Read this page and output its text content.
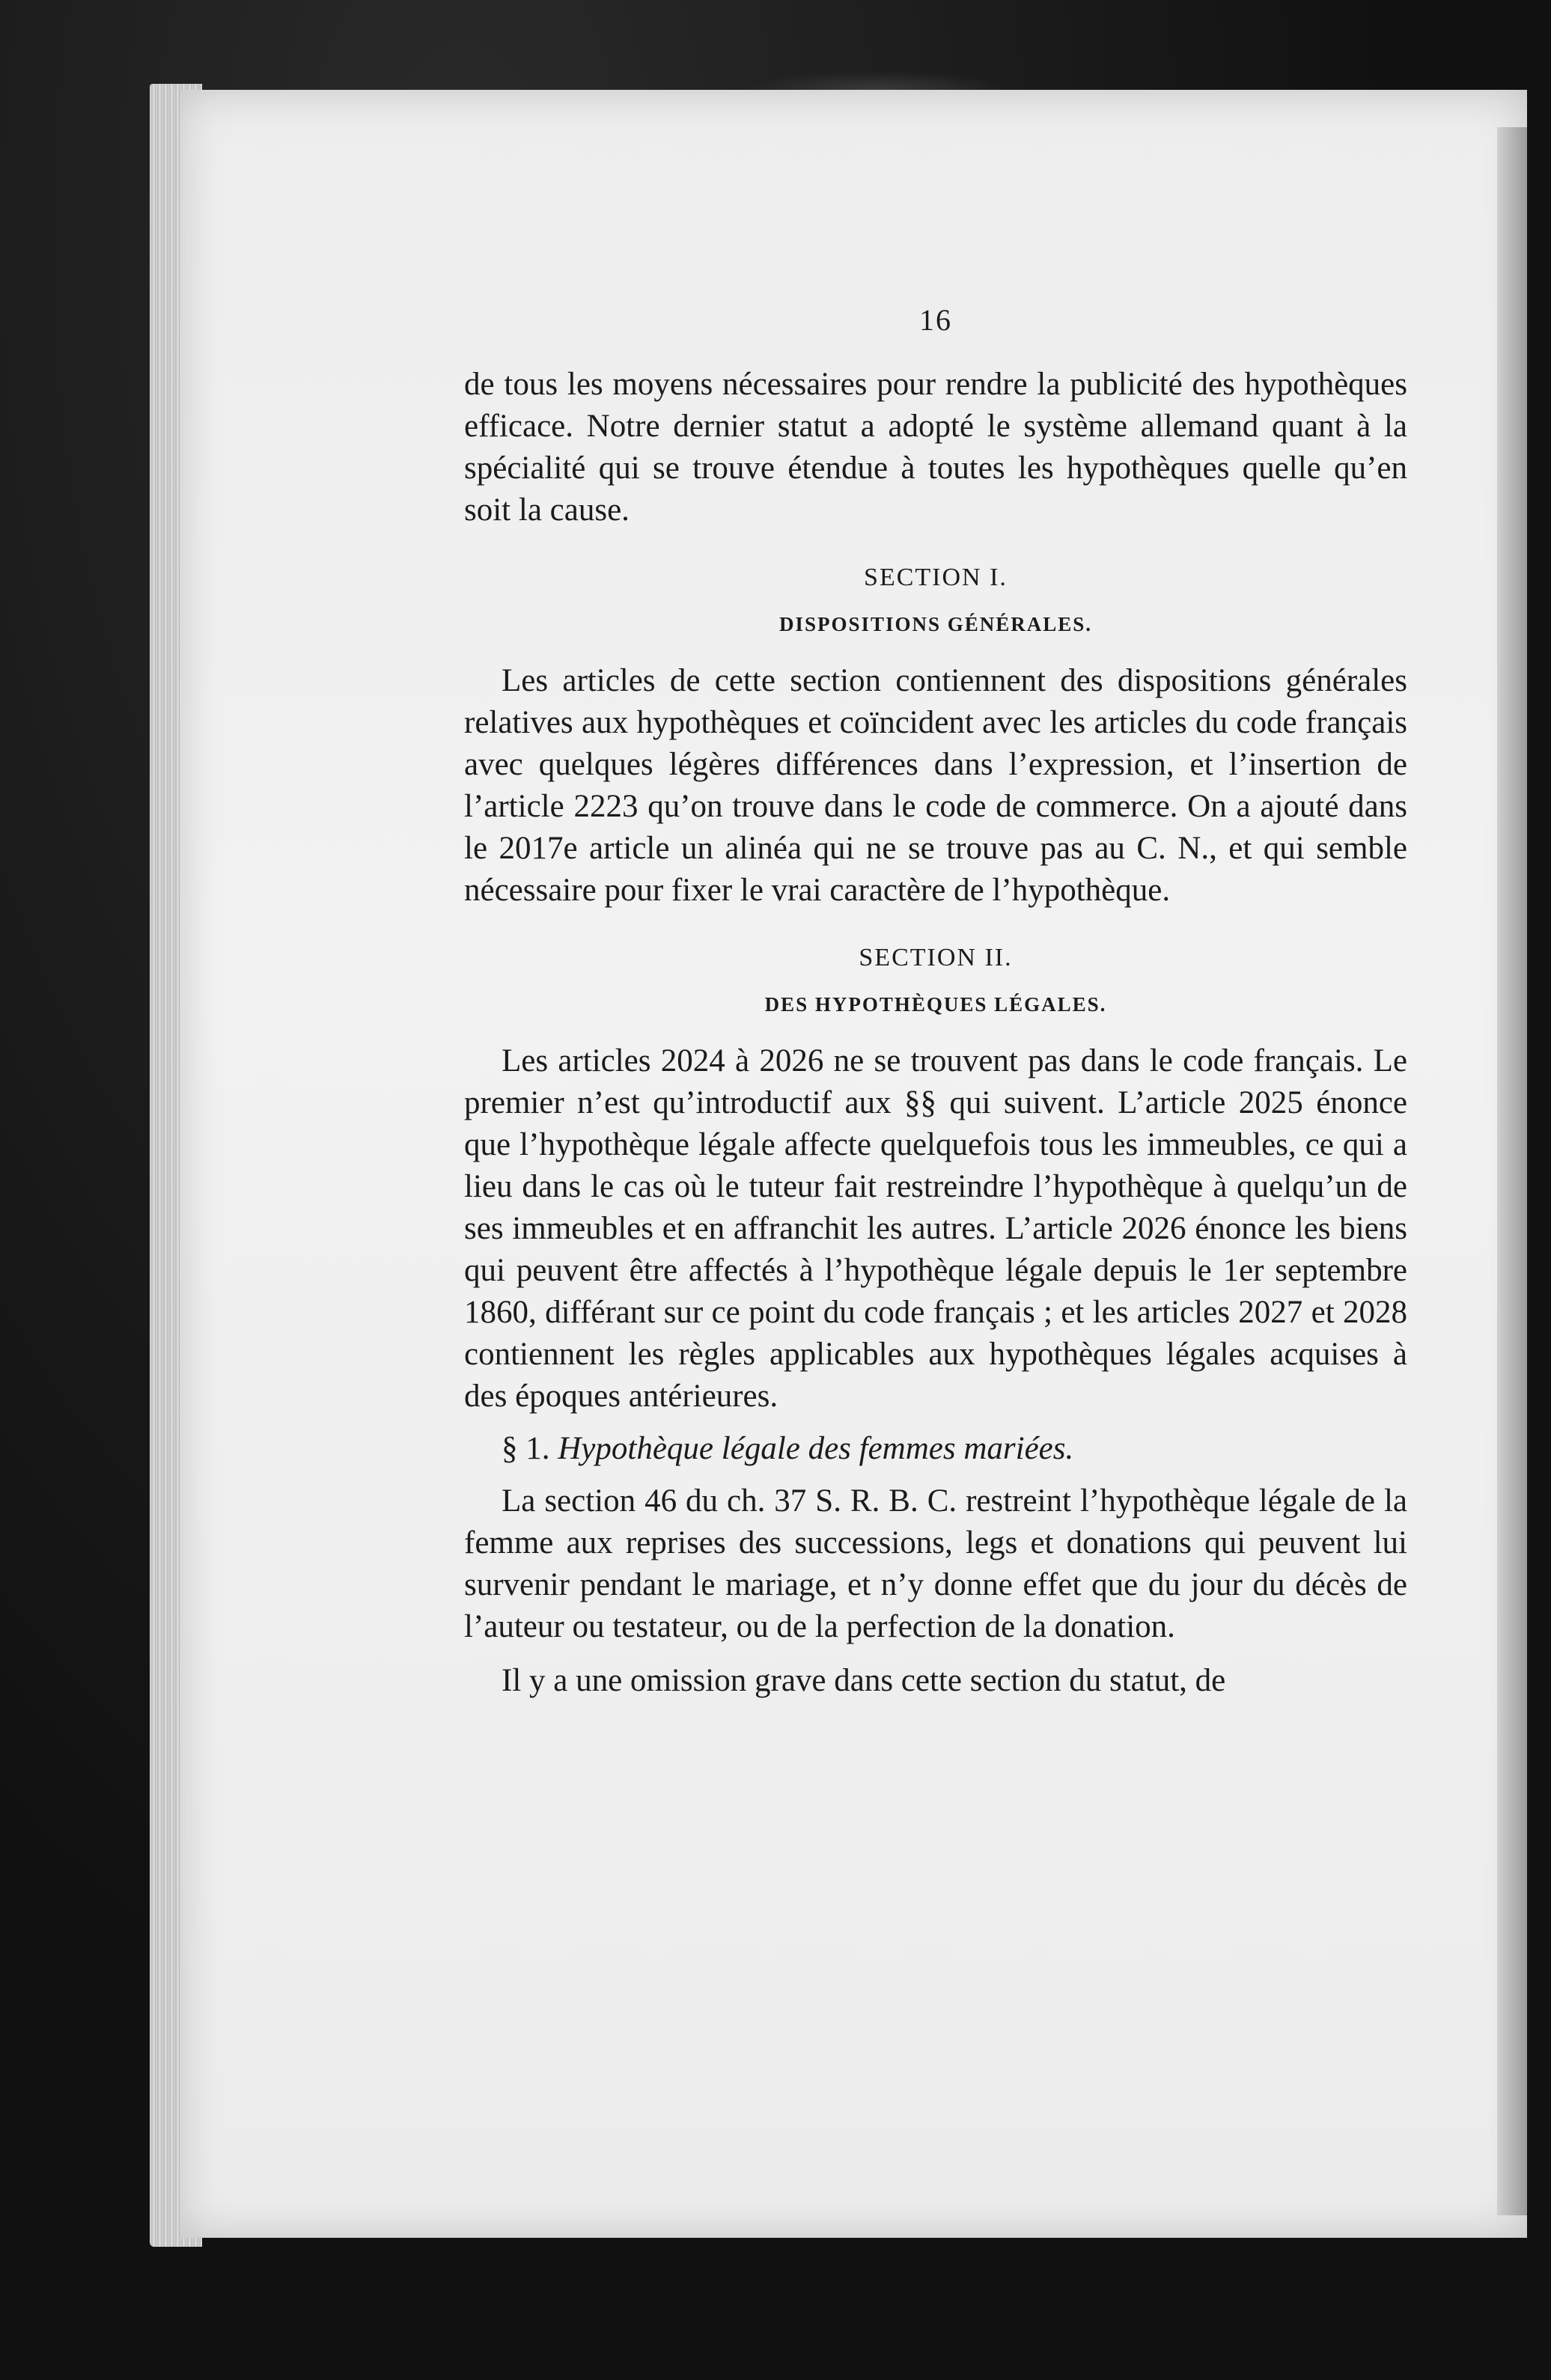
16

de tous les moyens nécessaires pour rendre la publicité des hypothèques efficace. Notre dernier statut a adopté le système allemand quant à la spécialité qui se trouve étendue à toutes les hypothèques quelle qu’en soit la cause.

SECTION I.
DISPOSITIONS GÉNÉRALES.

Les articles de cette section contiennent des dispositions générales relatives aux hypothèques et coïncident avec les articles du code français avec quelques légères différences dans l’expression, et l’insertion de l’article 2223 qu’on trouve dans le code de commerce. On a ajouté dans le 2017e article un alinéa qui ne se trouve pas au C. N., et qui semble nécessaire pour fixer le vrai caractère de l’hypothèque.

SECTION II.
DES HYPOTHÈQUES LÉGALES.

Les articles 2024 à 2026 ne se trouvent pas dans le code français. Le premier n’est qu’introductif aux §§ qui suivent. L’article 2025 énonce que l’hypothèque légale affecte quelquefois tous les immeubles, ce qui a lieu dans le cas où le tuteur fait restreindre l’hypothèque à quelqu’un de ses immeubles et en affranchit les autres. L’article 2026 énonce les biens qui peuvent être affectés à l’hypothèque légale depuis le 1er septembre 1860, différant sur ce point du code français ; et les articles 2027 et 2028 contiennent les règles applicables aux hypothèques légales acquises à des époques antérieures.

§ 1. Hypothèque légale des femmes mariées.

La section 46 du ch. 37 S. R. B. C. restreint l’hypothèque légale de la femme aux reprises des successions, legs et donations qui peuvent lui survenir pendant le mariage, et n’y donne effet que du jour du décès de l’auteur ou testateur, ou de la perfection de la donation.

Il y a une omission grave dans cette section du statut, de
